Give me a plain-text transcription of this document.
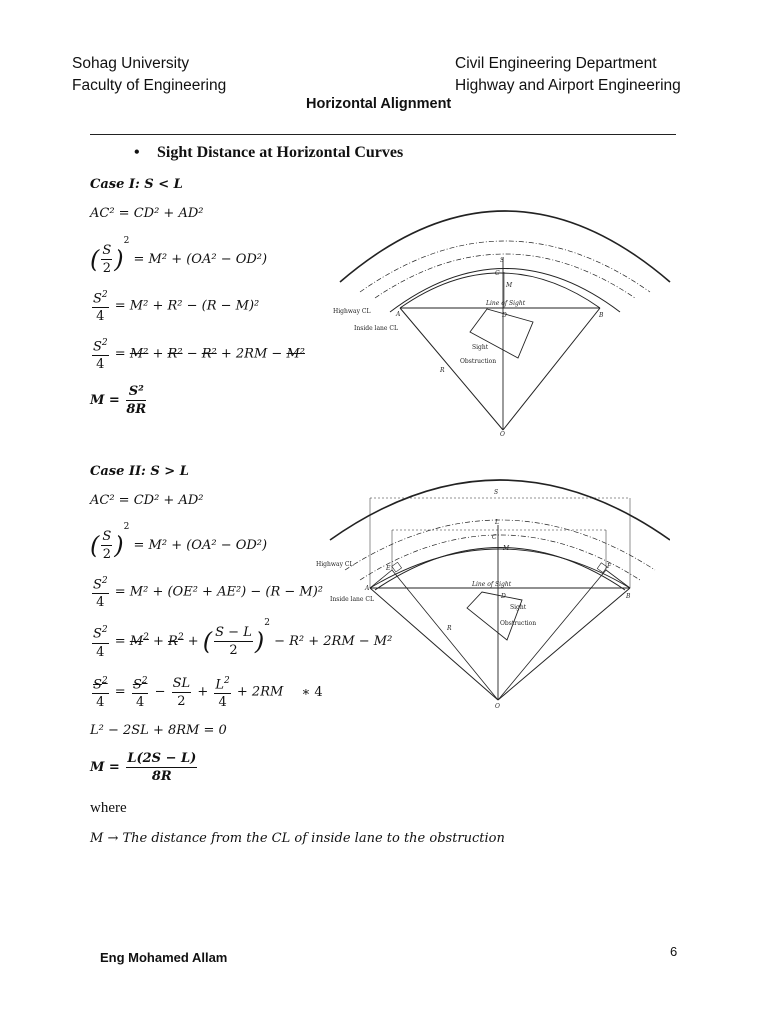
Sohag University
Faculty of Engineering
Civil Engineering Department
Highway and Airport Engineering
Horizontal Alignment
• Sight Distance at Horizontal Curves
Case I: S < L
AC² = CD² + AD²
( $\frac{S}{2} )^2 = M^2 + (OA^2 - OD^2)$
$\frac{S^2}{4} = M^2 + R^2 - (R - M)^2$
$\frac{S^2}{4} = M^2 + R^2 - R^2 + 2RM - M^2$
$M = \frac{\text{S²}}{8R}$
S
C
M
D
A	B
O
R
Line of Sight
Highway CL
Inside lane CL
Sight
Obstruction
Case II: S > L
AC² = CD² + AD²
( $\frac{S}{2} )^2 = M^2 + (OA^2 - OD^2)$
$\frac{S^2}{4} = M^2 + (OE^2 + AE^2) - (R - M)^2$
$\frac{S^2}{4} = M^2 + R^2$ + ( $\frac{S - L}{2} )^2 - R^2 + 2RM - M^2$
$\frac{S^2}{4} = \frac{S^2}{4} - \frac{SL}{2} + \frac{L^2}{4} + 2RM$ ∗ 4
L² − 2SL + 8RM = 0
$M = \frac{L(2S - L)}{8R}$
where
M → The distance from the CL of inside lane to the obstruction
S
L
C
M
D
A
B
E	F
O
R
Line of Sight
Highway CL
Inside lane CL
Sight
Obstruction
Eng Mohamed Allam	6
